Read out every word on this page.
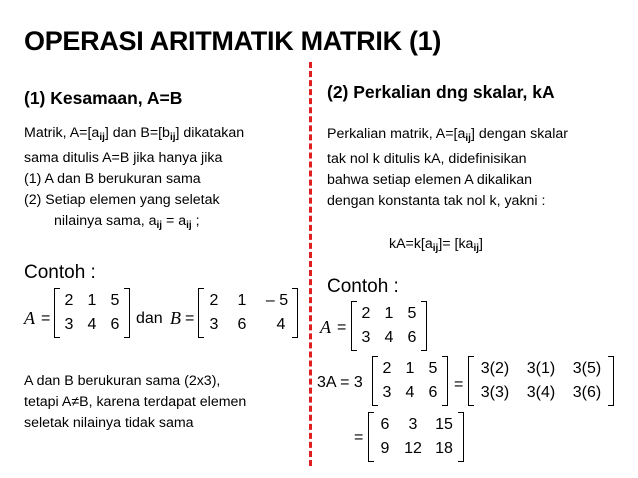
OPERASI ARITMATIK MATRIK (1)
(1) Kesamaan, A=B
Matrik, $A=[a_{ij}]$ dan $B=[b_{ij}]$ dikatakan
sama ditulis A=B jika hanya jika
(1) A dan B berukuran sama
(2) Setiap elemen yang seletak
nilainya sama, $a_{ij} = a_{ij}$ ;
Contoh :
A =
2 1 5
3 4 6	dan B =
2	1	– 5
3	6	4
A dan B berukuran sama (2x3),
tetapi A≠B, karena terdapat elemen
seletak nilainya tidak sama
(2) Perkalian dng skalar, kA
Perkalian matrik, $A=[a_{ij}]$ dengan skalar
tak nol k ditulis kA, didefinisikan
bahwa setiap elemen A dikalikan
dengan konstanta tak nol k, yakni :
$kA=k[a_{ij}]= [ka_{ij}]$
Contoh :
A =
2 1 5
3 4 6
3A = 3
2 1 5
3 4 6	=
3(2)	3(1)	3(5)
3(3)	3(4)	3(6)
=
6	3	15
9 12 18
